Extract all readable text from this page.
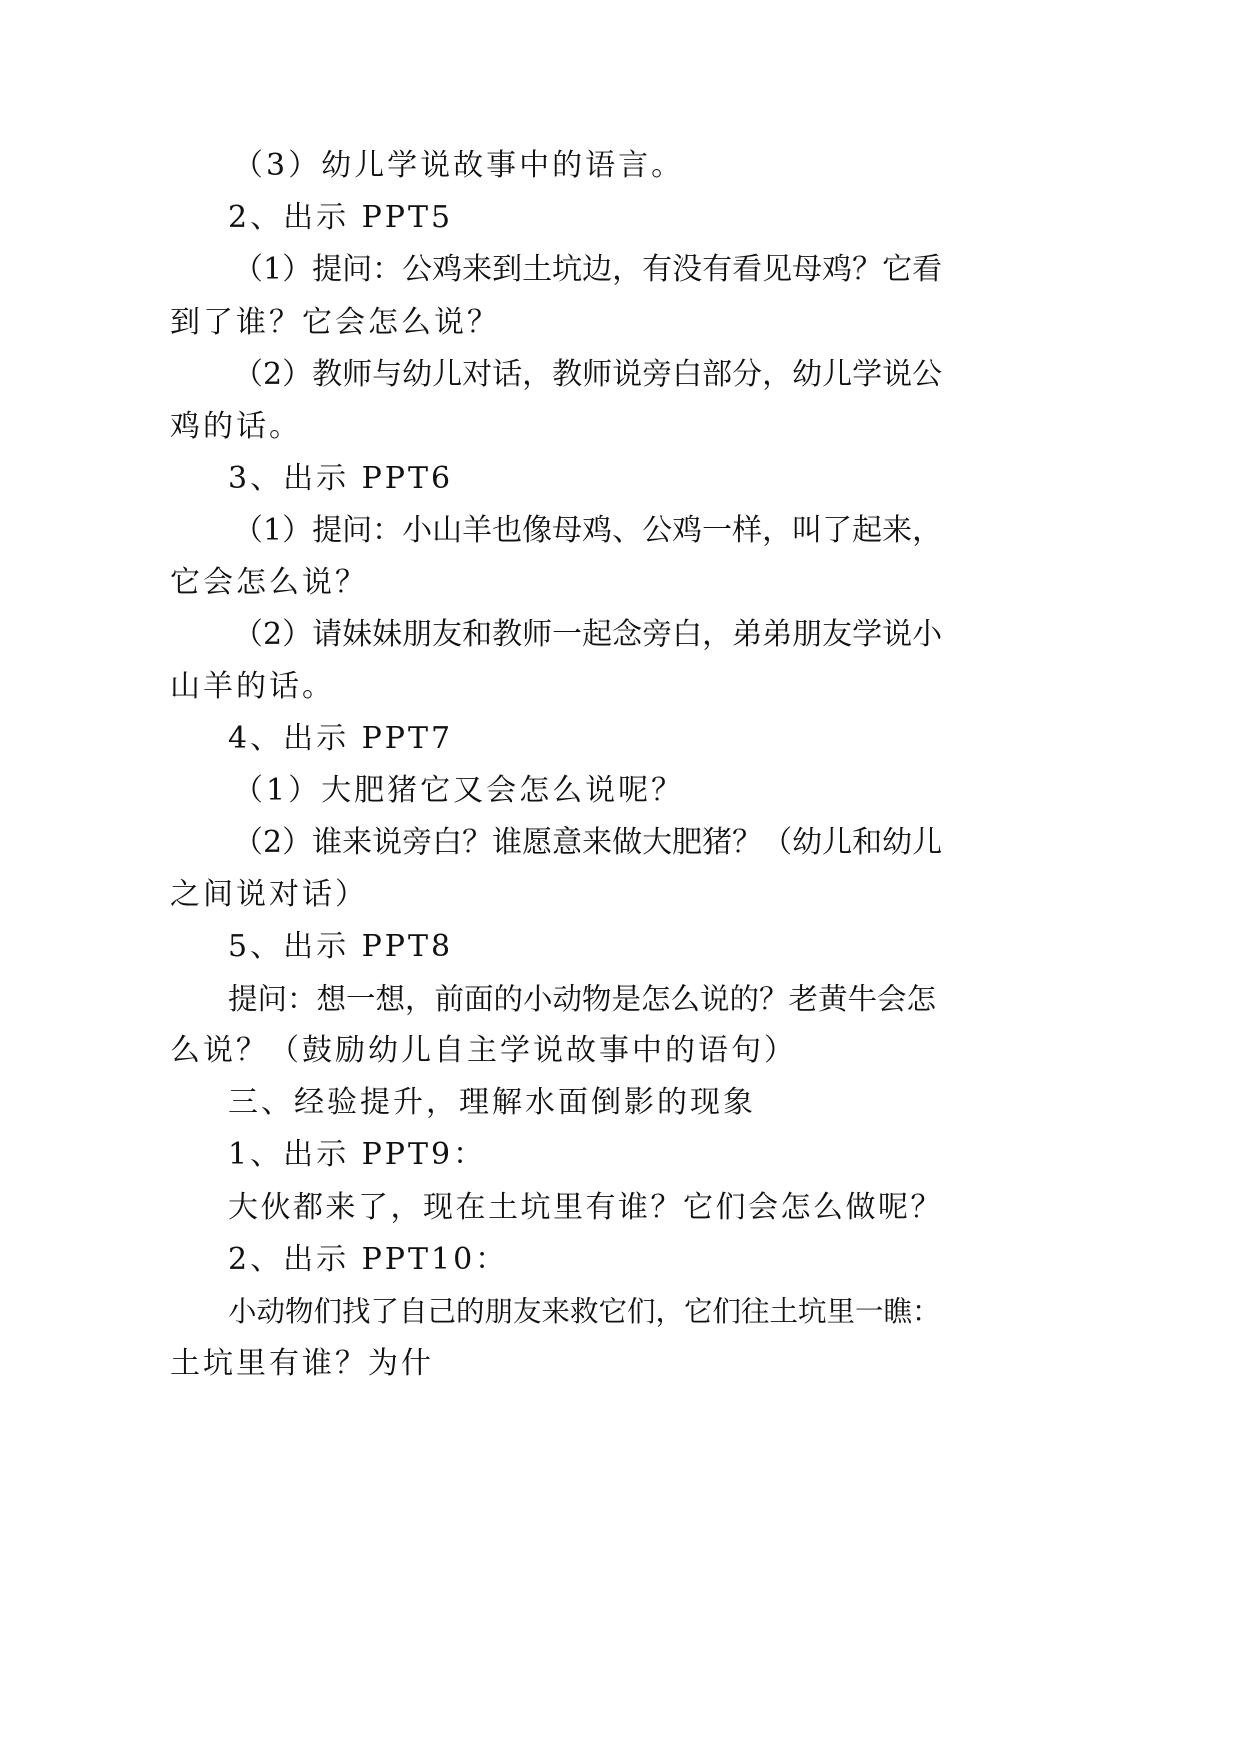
（3）幼儿学说故事中的语言。
2、出示 PPT5
（1）提问：公鸡来到土坑边，有没有看见母鸡？它看
到了谁？它会怎么说？
（2）教师与幼儿对话，教师说旁白部分，幼儿学说公
鸡的话。
3、出示 PPT6
（1）提问：小山羊也像母鸡、公鸡一样，叫了起来，
它会怎么说？
（2）请妹妹朋友和教师一起念旁白，弟弟朋友学说小
山羊的话。
4、出示 PPT7
（1）大肥猪它又会怎么说呢？
（2）谁来说旁白？谁愿意来做大肥猪？（幼儿和幼儿
之间说对话）
5、出示 PPT8
提问：想一想，前面的小动物是怎么说的？老黄牛会怎
么说？（鼓励幼儿自主学说故事中的语句）
三、经验提升，理解水面倒影的现象
1、出示 PPT9：
大伙都来了，现在土坑里有谁？它们会怎么做呢？
2、出示 PPT10：
小动物们找了自己的朋友来救它们，它们往土坑里一瞧：
土坑里有谁？为什
